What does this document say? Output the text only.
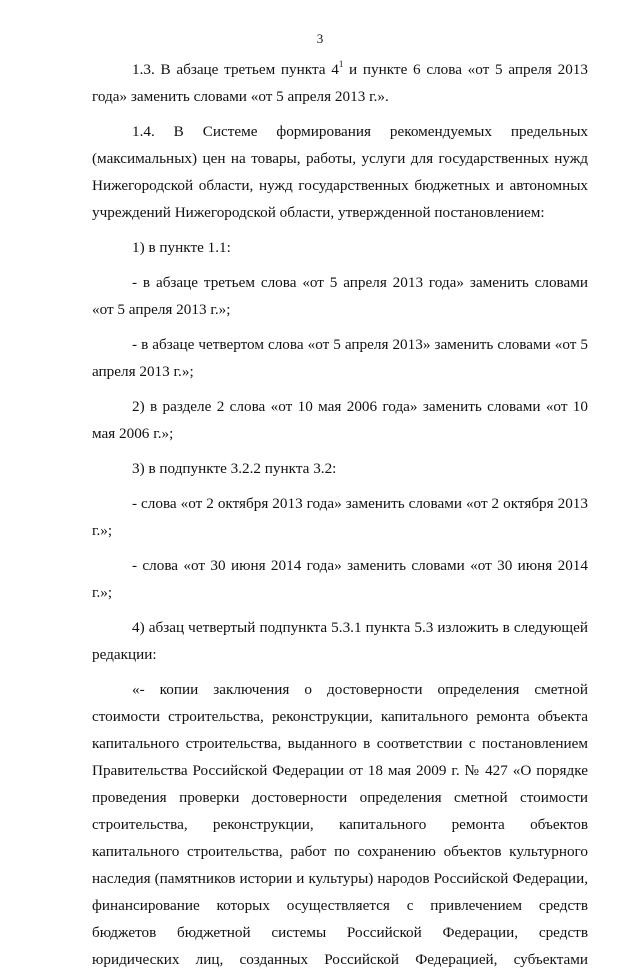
3

1.3. В абзаце третьем пункта $4^1$ и пункте 6 слова «от 5 апреля 2013 года» заменить словами «от 5 апреля 2013 г.».

1.4. В Системе формирования рекомендуемых предельных (максимальных) цен на товары, работы, услуги для государственных нужд Нижегородской области, нужд государственных бюджетных и автономных учреждений Нижегородской области, утвержденной постановлением:

1) в пункте 1.1:

- в абзаце третьем слова «от 5 апреля 2013 года» заменить словами «от 5 апреля 2013 г.»;

- в абзаце четвертом слова «от 5 апреля 2013» заменить словами «от 5 апреля 2013 г.»;

2) в разделе 2 слова «от 10 мая 2006 года» заменить словами «от 10 мая 2006 г.»;

3) в подпункте 3.2.2 пункта 3.2:

- слова «от 2 октября 2013 года» заменить словами «от 2 октября 2013 г.»;

- слова «от 30 июня 2014 года» заменить словами «от 30 июня 2014 г.»;

4) абзац четвертый подпункта 5.3.1 пункта 5.3 изложить в следующей редакции:

«- копии заключения о достоверности определения сметной стоимости строительства, реконструкции, капитального ремонта объекта капитального строительства, выданного в соответствии с постановлением Правительства Российской Федерации от 18 мая 2009 г. № 427 «О порядке проведения проверки достоверности определения сметной стоимости строительства, реконструкции, капитального ремонта объектов капитального строительства, работ по сохранению объектов культурного наследия (памятников истории и культуры) народов Российской Федерации, финансирование которых осуществляется с привлечением средств бюджетов бюджетной системы Российской Федерации, средств юридических лиц, созданных Российской Федерацией, субъектами
